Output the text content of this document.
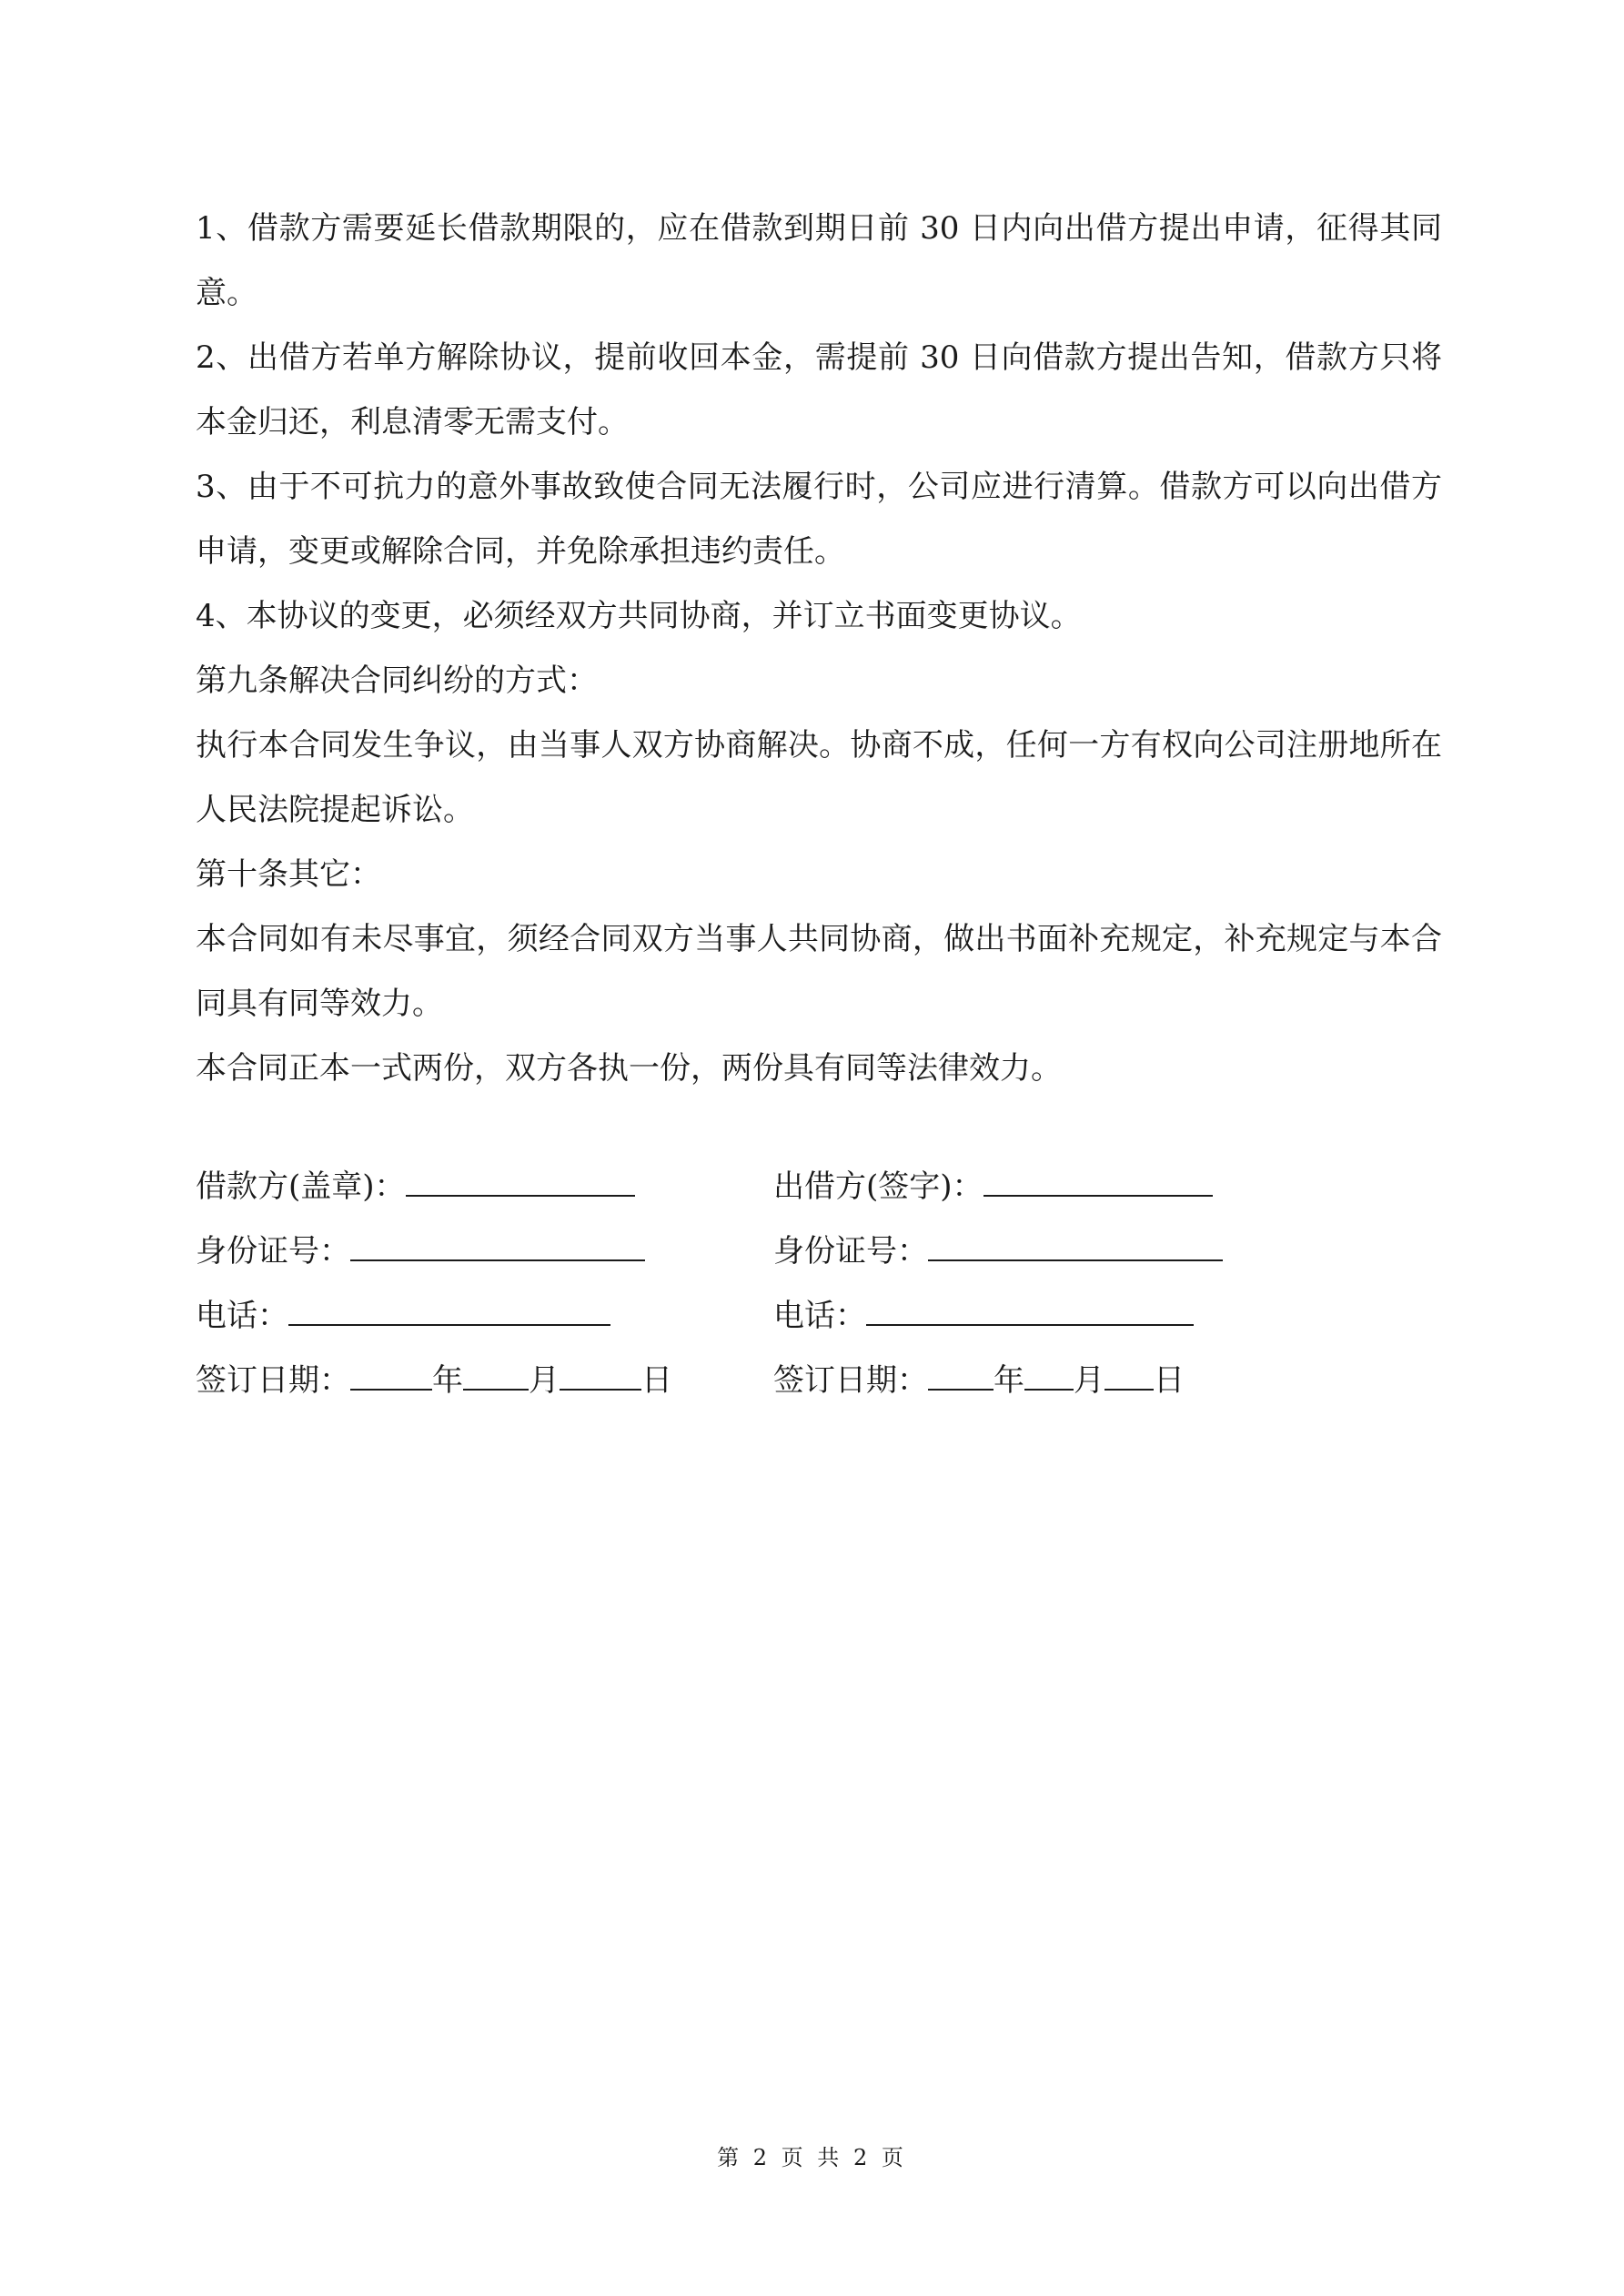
1、借款方需要延长借款期限的，应在借款到期日前 30 日内向出借方提出申请，征得其同意。

2、出借方若单方解除协议，提前收回本金，需提前 30 日向借款方提出告知，借款方只将本金归还，利息清零无需支付。

3、由于不可抗力的意外事故致使合同无法履行时，公司应进行清算。借款方可以向出借方申请，变更或解除合同，并免除承担违约责任。

4、本协议的变更，必须经双方共同协商，并订立书面变更协议。

第九条解决合同纠纷的方式：

执行本合同发生争议，由当事人双方协商解决。协商不成，任何一方有权向公司注册地所在人民法院提起诉讼。

第十条其它：

本合同如有未尽事宜，须经合同双方当事人共同协商，做出书面补充规定，补充规定与本合同具有同等效力。

本合同正本一式两份，双方各执一份，两份具有同等法律效力。

借款方(盖章)：
身份证号：
电话：
签订日期：	年 月	日
出借方(签字)：
身份证号：
电话：
签订日期： 年 月 日
第 2 页 共 2 页
